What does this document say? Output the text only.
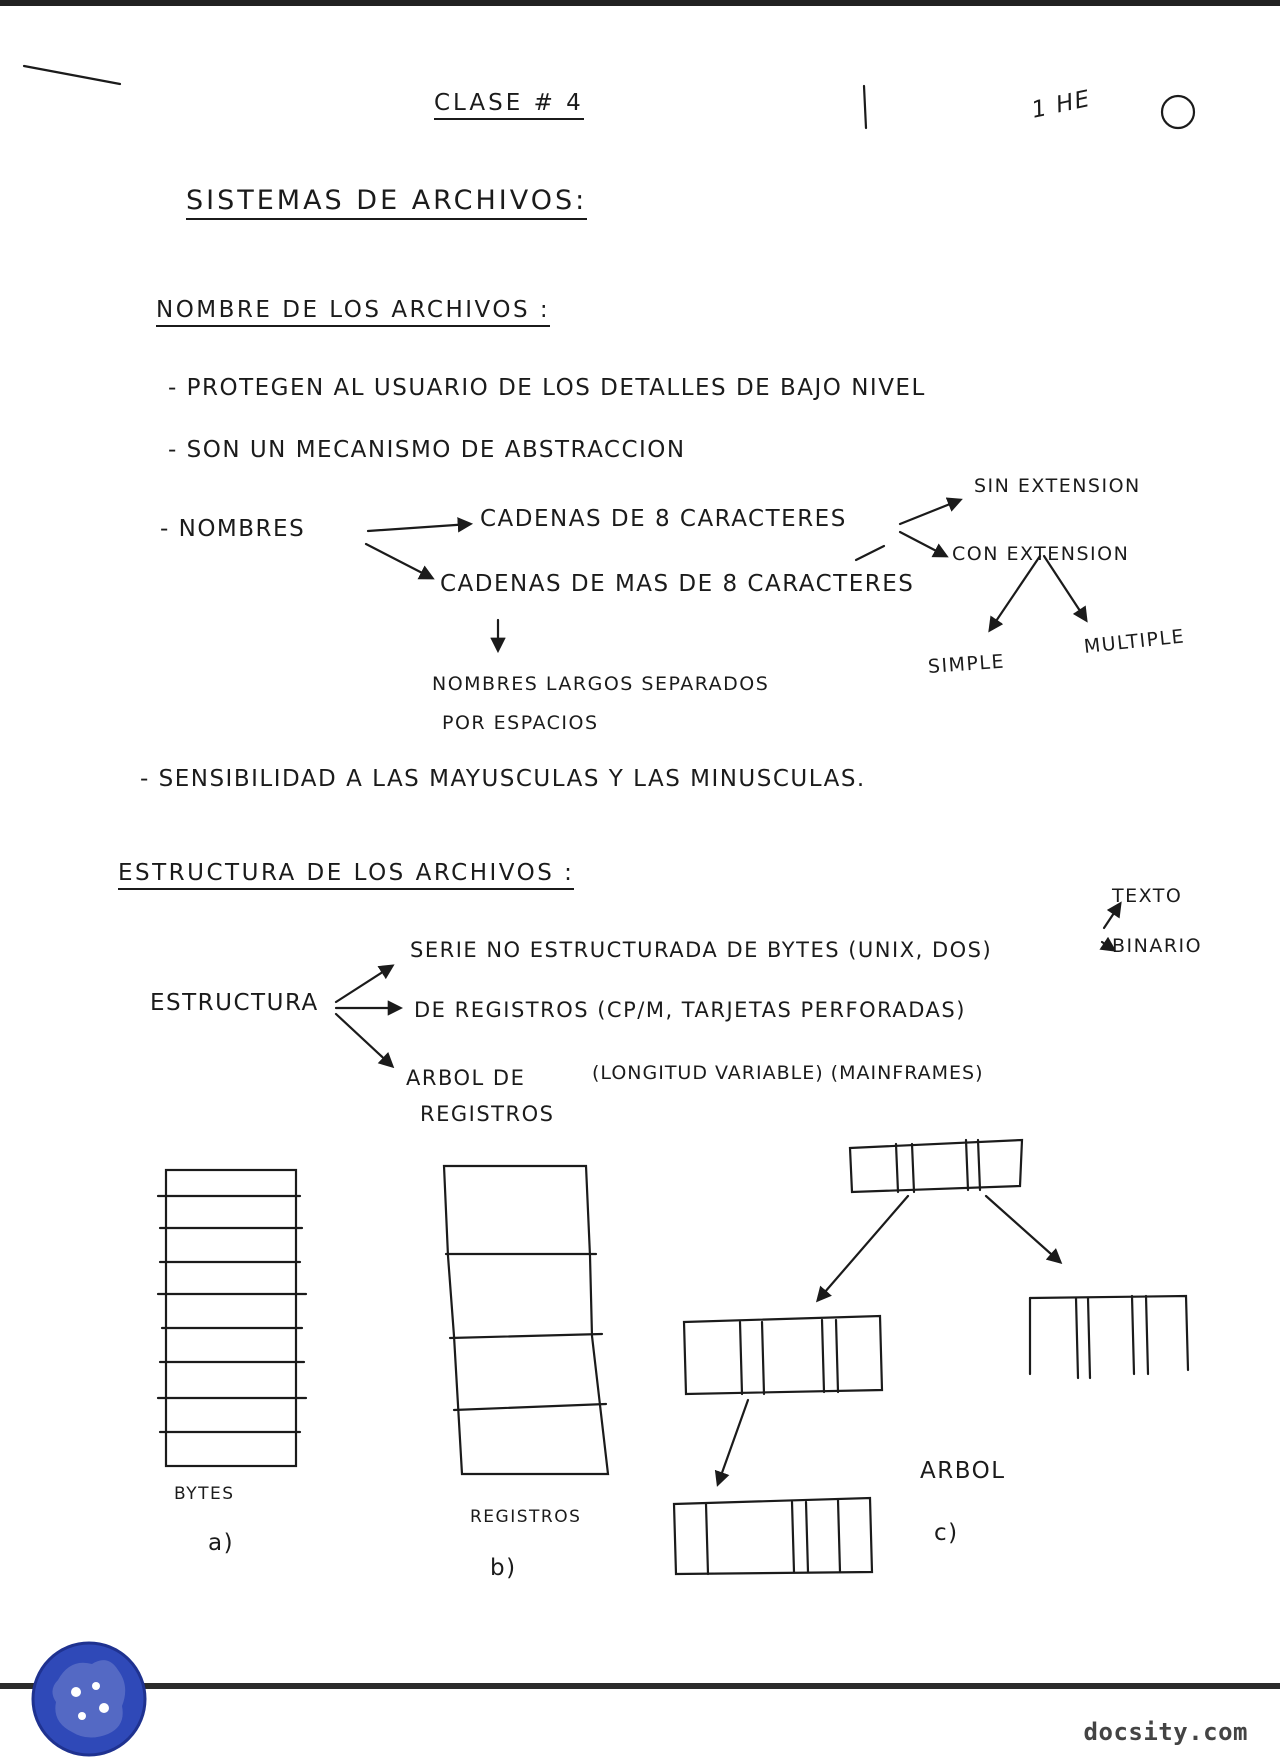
CLASE # 4	1 HE
SISTEMAS DE ARCHIVOS:
NOMBRE DE LOS ARCHIVOS :
- PROTEGEN AL USUARIO DE LOS DETALLES DE BAJO NIVEL
- SON UN MECANISMO DE ABSTRACCION
- NOMBRES	CADENAS DE 8 CARACTERES
SIN EXTENSION
CON EXTENSION
SIMPLE
MULTIPLE
CADENAS DE MAS DE 8 CARACTERES
NOMBRES LARGOS SEPARADOS
POR ESPACIOS
- SENSIBILIDAD A LAS MAYUSCULAS Y LAS MINUSCULAS.
ESTRUCTURA DE LOS ARCHIVOS :
ESTRUCTURA
SERIE NO ESTRUCTURADA DE BYTES (UNIX, DOS)
TEXTO
BINARIO
DE REGISTROS (CP/M, TARJETAS PERFORADAS)
ARBOL DE
REGISTROS
(LONGITUD VARIABLE) (MAINFRAMES)
BYTES
a)
REGISTROS
b)
ARBOL
c)
docsity.com
